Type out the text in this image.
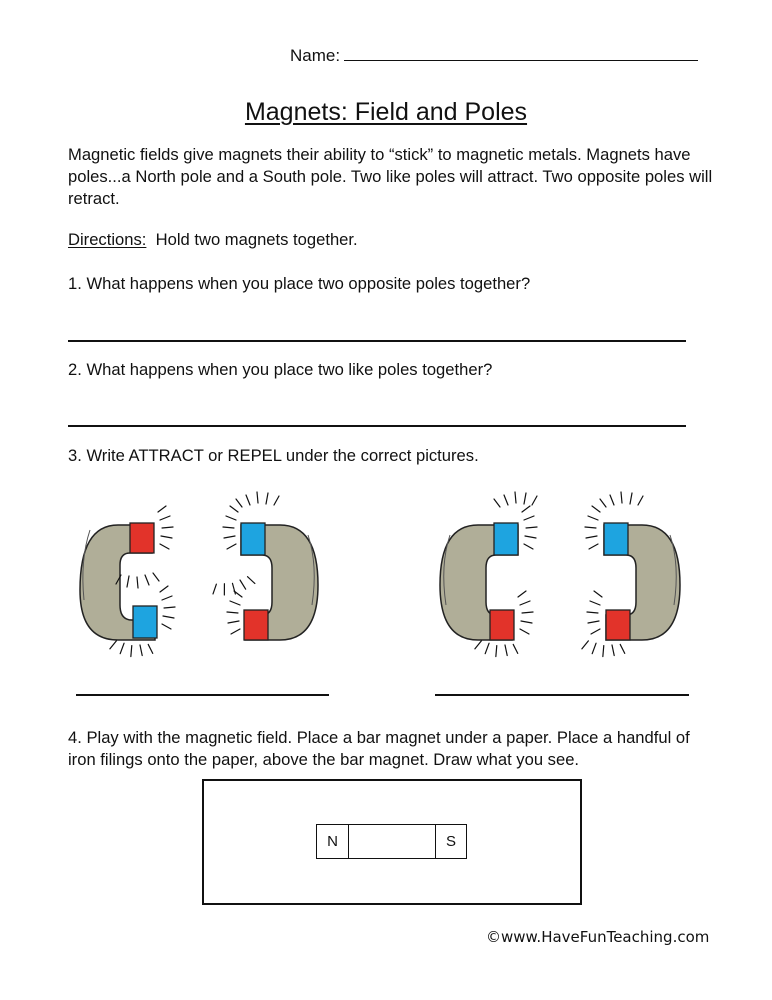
Name:
Magnets: Field and Poles
Magnetic fields give magnets their ability to “stick” to magnetic metals. Magnets have poles...a North pole and a South pole. Two like poles will attract. Two opposite poles will retract.
Directions: Hold two magnets together.
1. What happens when you place two opposite poles together?
2. What happens when you place two like poles together?
3. Write ATTRACT or REPEL under the correct pictures.
4. Play with the magnetic field. Place a bar magnet under a paper. Place a handful of iron filings onto the paper, above the bar magnet. Draw what you see.
N	S
©www.HaveFunTeaching.com
